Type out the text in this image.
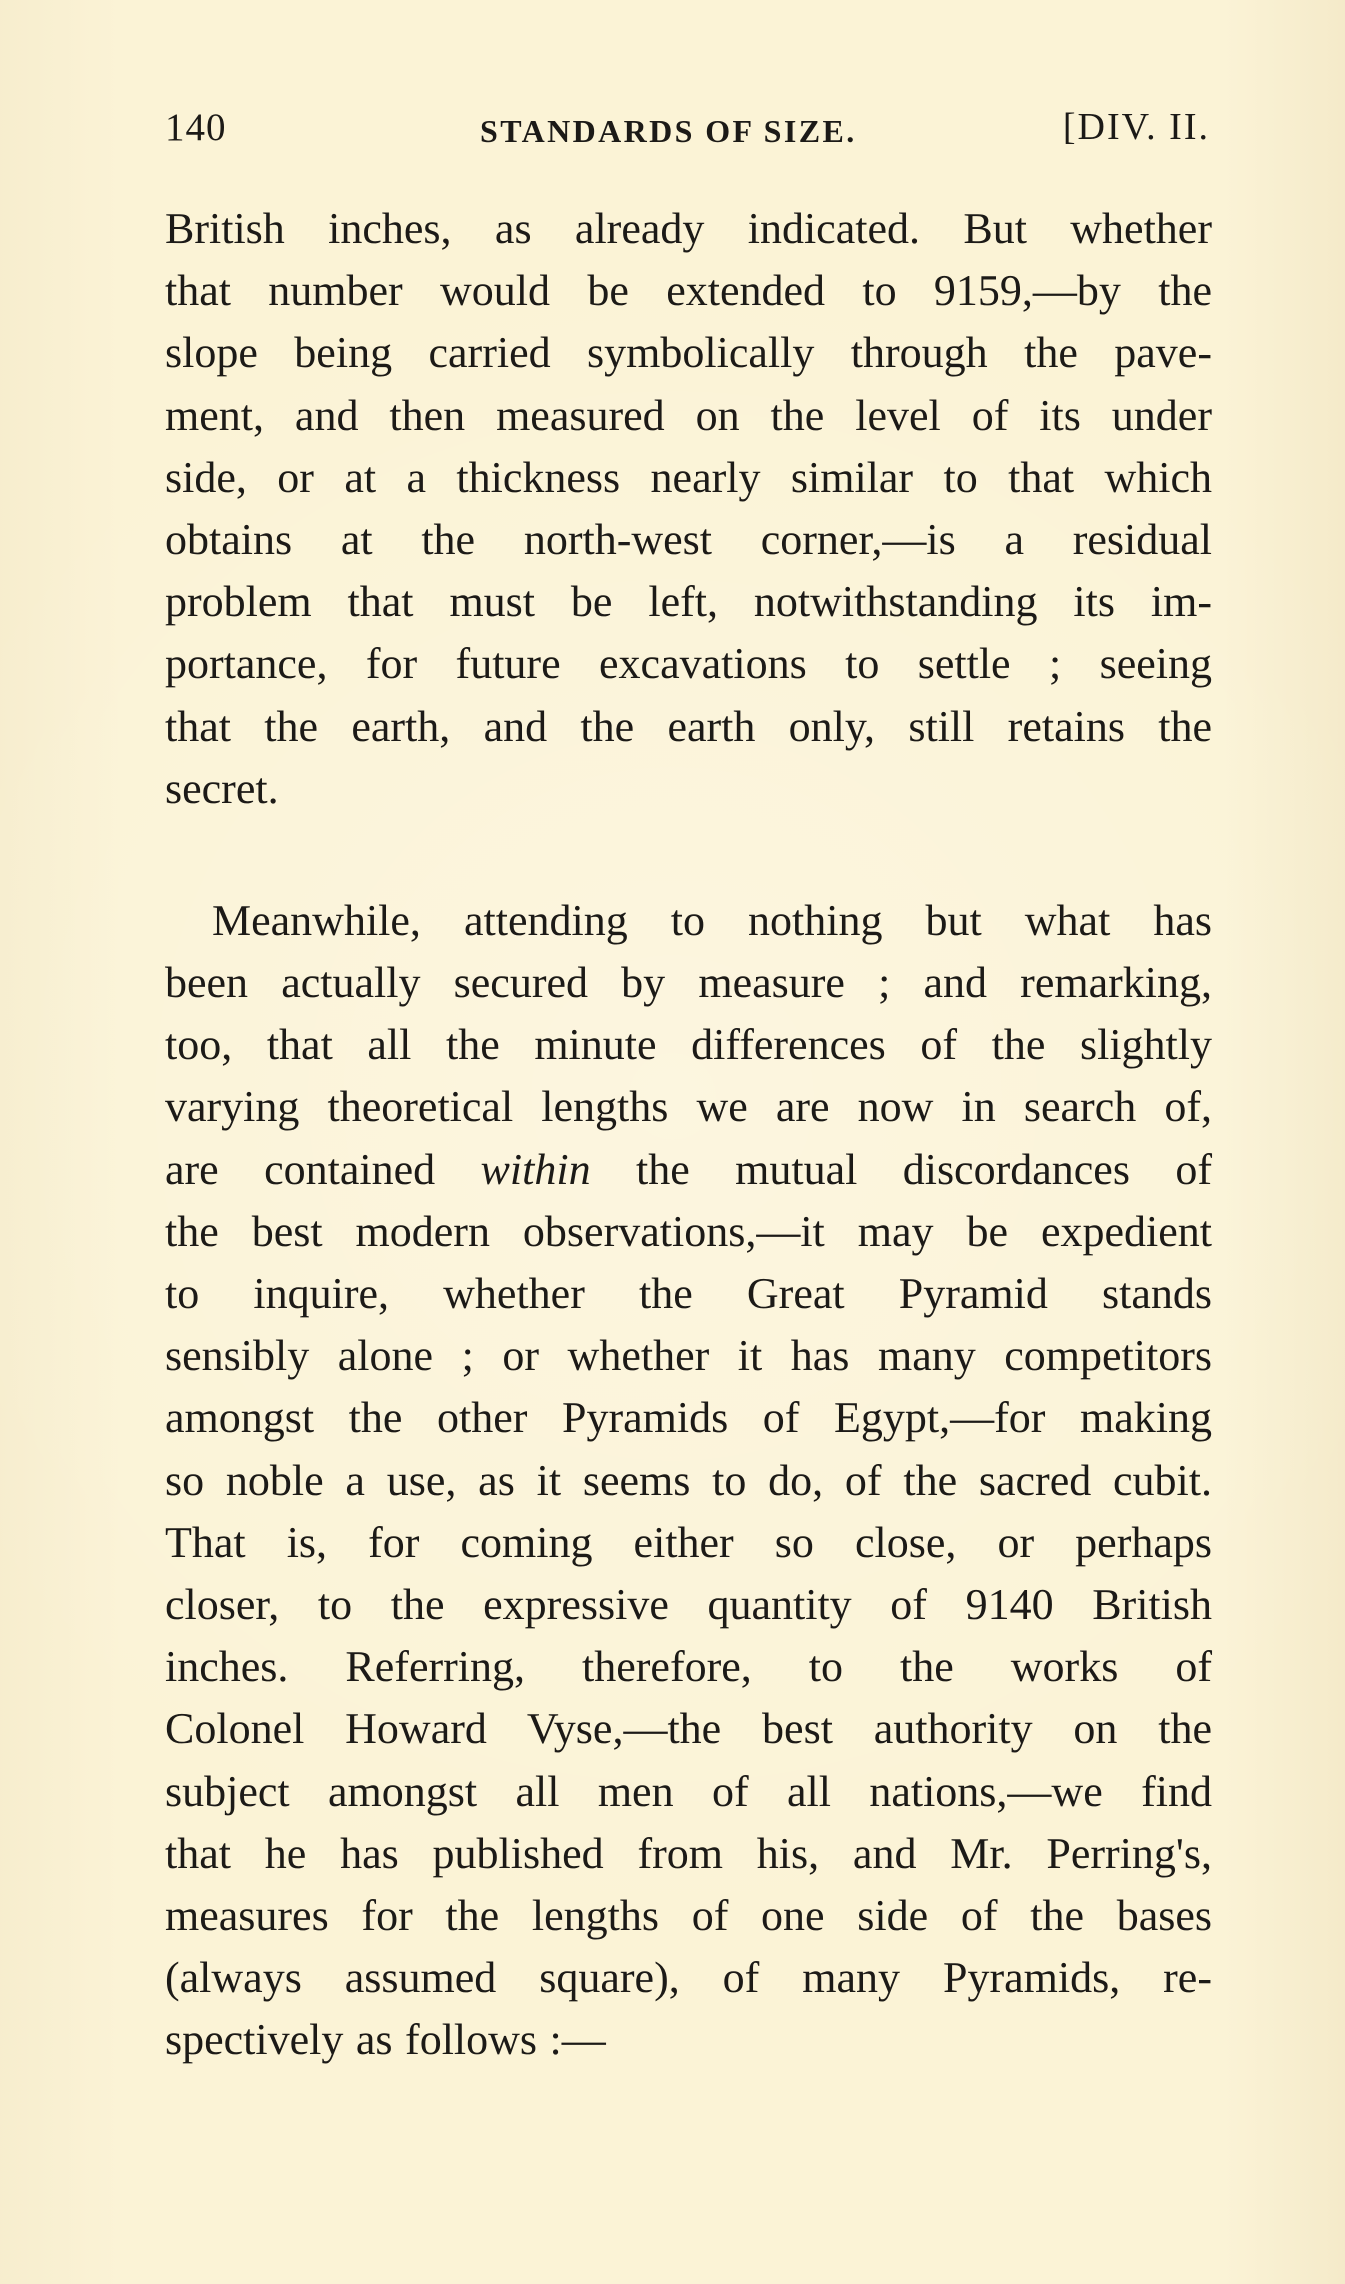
140	STANDARDS OF SIZE.	[DIV. II.
British inches, as already indicated. But whether
that number would be extended to 9159,—by the
slope being carried symbolically through the pave-
ment, and then measured on the level of its under
side, or at a thickness nearly similar to that which
obtains at the north-west corner,—is a residual
problem that must be left, notwithstanding its im-
portance, for future excavations to settle ; seeing
that the earth, and the earth only, still retains the
secret.
Meanwhile, attending to nothing but what has
been actually secured by measure ; and remarking,
too, that all the minute differences of the slightly
varying theoretical lengths we are now in search of,
are contained within the mutual discordances of
the best modern observations,—it may be expedient
to inquire, whether the Great Pyramid stands
sensibly alone ; or whether it has many competitors
amongst the other Pyramids of Egypt,—for making
so noble a use, as it seems to do, of the sacred cubit.
That is, for coming either so close, or perhaps
closer, to the expressive quantity of 9140 British
inches. Referring, therefore, to the works of
Colonel Howard Vyse,—the best authority on the
subject amongst all men of all nations,—we find
that he has published from his, and Mr. Perring's,
measures for the lengths of one side of the bases
(always assumed square), of many Pyramids, re-
spectively as follows :—
